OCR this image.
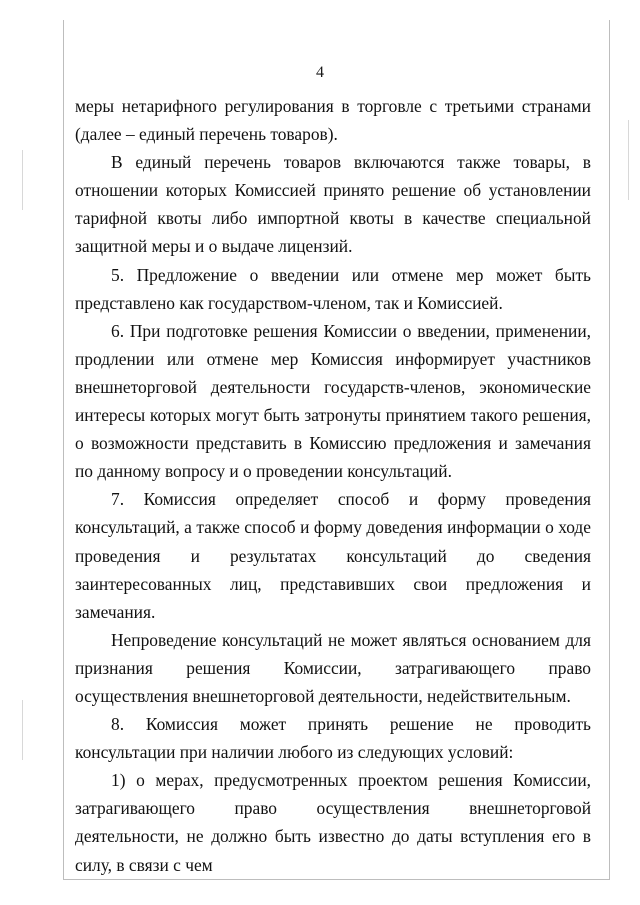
4

меры нетарифного регулирования в торговле с третьими странами (далее – единый перечень товаров).

В единый перечень товаров включаются также товары, в отношении которых Комиссией принято решение об установлении тарифной квоты либо импортной квоты в качестве специальной защитной меры и о выдаче лицензий.

5. Предложение о введении или отмене мер может быть представлено как государством-членом, так и Комиссией.

6. При подготовке решения Комиссии о введении, применении, продлении или отмене мер Комиссия информирует участников внешнеторговой деятельности государств-членов, экономические интересы которых могут быть затронуты принятием такого решения, о возможности представить в Комиссию предложения и замечания по данному вопросу и о проведении консультаций.

7. Комиссия определяет способ и форму проведения консультаций, а также способ и форму доведения информации о ходе проведения и результатах консультаций до сведения заинтересованных лиц, представивших свои предложения и замечания.

Непроведение консультаций не может являться основанием для признания решения Комиссии, затрагивающего право осуществления внешнеторговой деятельности, недействительным.

8. Комиссия может принять решение не проводить консультации при наличии любого из следующих условий:

1) о мерах, предусмотренных проектом решения Комиссии, затрагивающего право осуществления внешнеторговой деятельности, не должно быть известно до даты вступления его в силу, в связи с чем
